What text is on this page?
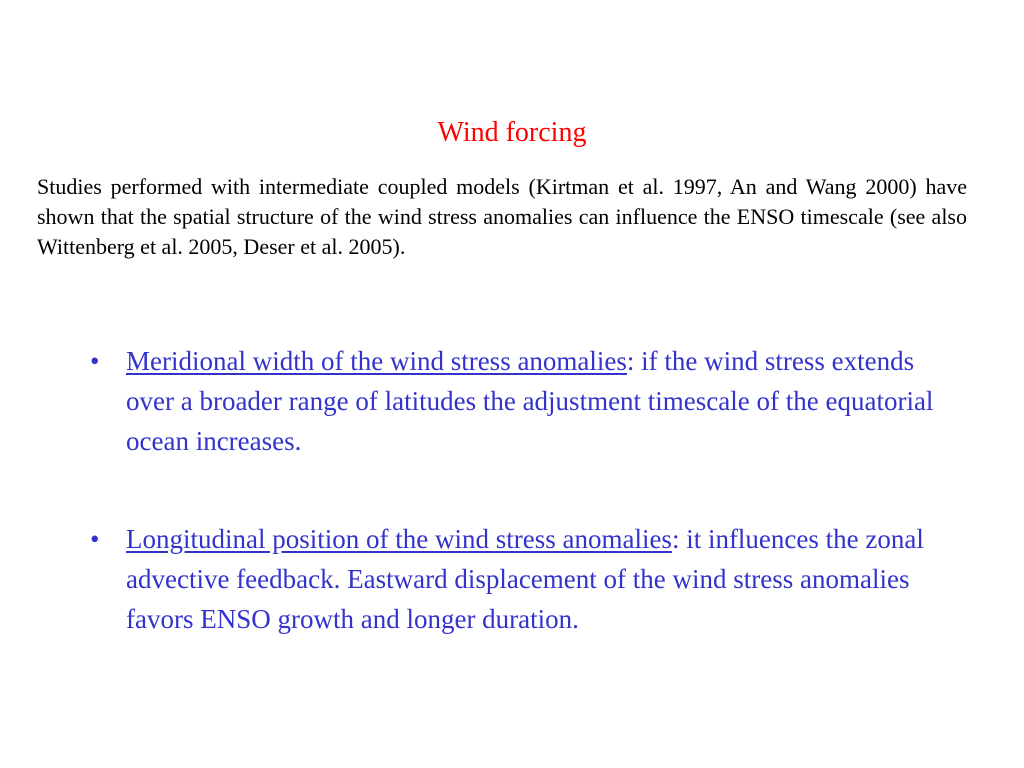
Wind forcing

Studies performed with intermediate coupled models (Kirtman et al. 1997, An and Wang 2000) have shown that the spatial structure of the wind stress anomalies can influence the ENSO timescale (see also Wittenberg et al. 2005, Deser et al. 2005).

• Meridional width of the wind stress anomalies: if the wind stress extends over a broader range of latitudes the adjustment timescale of the equatorial ocean increases.
• Longitudinal position of the wind stress anomalies: it influences the zonal advective feedback. Eastward displacement of the wind stress anomalies favors ENSO growth and longer duration.
